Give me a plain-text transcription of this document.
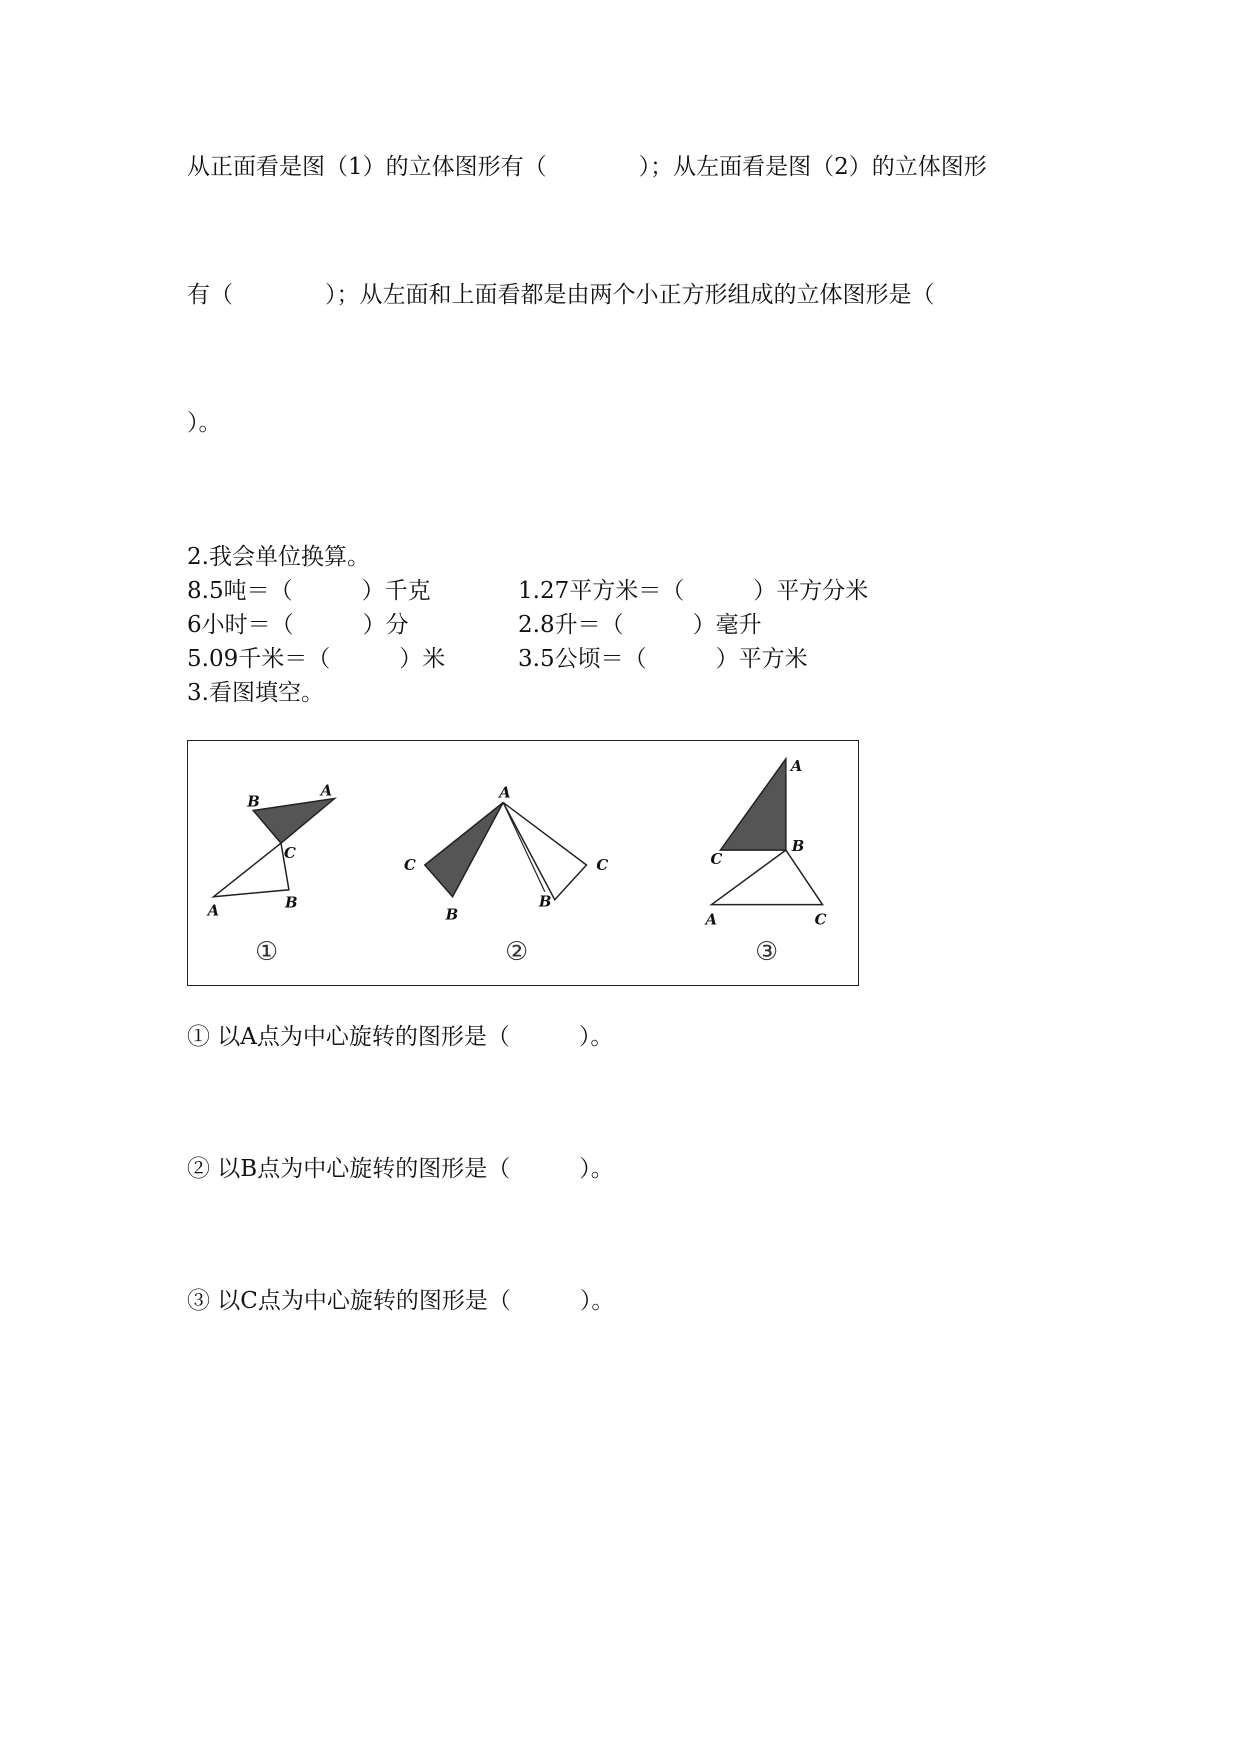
从正面看是图（1）的立体图形有（　　　　）；从左面看是图（2）的立体图形

有（　　　　）；从左面和上面看都是由两个小正方形组成的立体图形是（

）。

2.我会单位换算。

8.5吨＝（　　　）千克	1.27平方米＝（　　　）平方分米
6小时＝（　　　）分	2.8升＝（　　　）毫升
5.09千米＝（　　　）米	3.5公顷＝（　　　）平方米

3.看图填空。

B
A
C
B
A
①
A
C
B
B
C
②
A
C
B
A	C
③

① 以A点为中心旋转的图形是（　　　）。

② 以B点为中心旋转的图形是（　　　）。

③ 以C点为中心旋转的图形是（　　　）。
